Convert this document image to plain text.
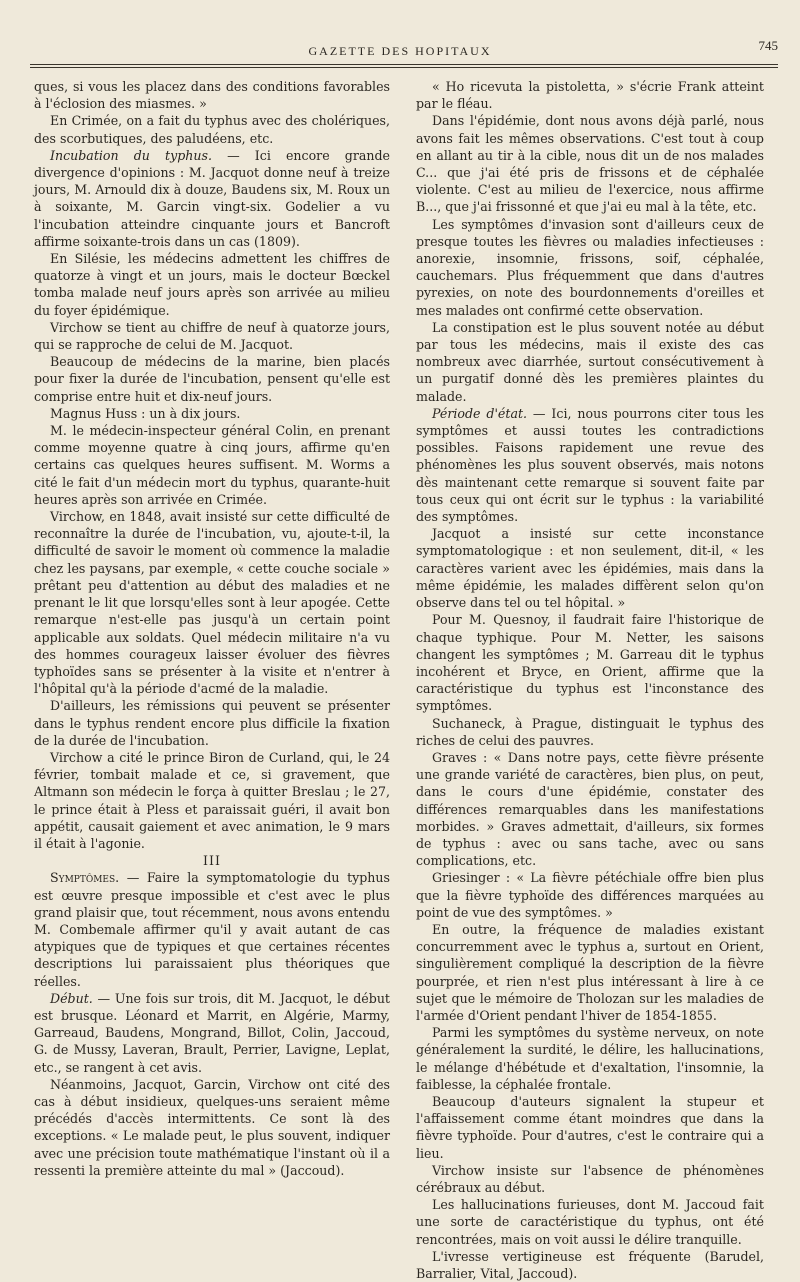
GAZETTE DES HOPITAUX	745

ques, si vous les placez dans des conditions favorables à l'éclosion des miasmes. »

En Crimée, on a fait du typhus avec des cholériques, des scorbutiques, des paludéens, etc.

Incubation du typhus. — Ici encore grande divergence d'opinions : M. Jacquot donne neuf à treize jours, M. Arnould dix à douze, Baudens six, M. Roux un à soixante, M. Garcin vingt-six. Godelier a vu l'incubation atteindre cinquante jours et Bancroft affirme soixante-trois dans un cas (1809).

En Silésie, les médecins admettent les chiffres de quatorze à vingt et un jours, mais le docteur Bœckel tomba malade neuf jours après son arrivée au milieu du foyer épidémique.

Virchow se tient au chiffre de neuf à quatorze jours, qui se rapproche de celui de M. Jacquot.

Beaucoup de médecins de la marine, bien placés pour fixer la durée de l'incubation, pensent qu'elle est comprise entre huit et dix-neuf jours.

Magnus Huss : un à dix jours.

M. le médecin-inspecteur général Colin, en prenant comme moyenne quatre à cinq jours, affirme qu'en certains cas quelques heures suffisent. M. Worms a cité le fait d'un médecin mort du typhus, quarante-huit heures après son arrivée en Crimée.

Virchow, en 1848, avait insisté sur cette difficulté de reconnaître la durée de l'incubation, vu, ajoute-t-il, la difficulté de savoir le moment où commence la maladie chez les paysans, par exemple, « cette couche sociale » prêtant peu d'attention au début des maladies et ne prenant le lit que lorsqu'elles sont à leur apogée. Cette remarque n'est-elle pas jusqu'à un certain point applicable aux soldats. Quel médecin militaire n'a vu des hommes courageux laisser évoluer des fièvres typhoïdes sans se présenter à la visite et n'entrer à l'hôpital qu'à la période d'acmé de la maladie.

D'ailleurs, les rémissions qui peuvent se présenter dans le typhus rendent encore plus difficile la fixation de la durée de l'incubation.

Virchow a cité le prince Biron de Curland, qui, le 24 février, tombait malade et ce, si gravement, que Altmann son médecin le força à quitter Breslau ; le 27, le prince était à Pless et paraissait guéri, il avait bon appétit, causait gaiement et avec animation, le 9 mars il était à l'agonie.

III

Symptômes. — Faire la symptomatologie du typhus est œuvre presque impossible et c'est avec le plus grand plaisir que, tout récemment, nous avons entendu M. Combemale affirmer qu'il y avait autant de cas atypiques que de typiques et que certaines récentes descriptions lui paraissaient plus théoriques que réelles.

Début. — Une fois sur trois, dit M. Jacquot, le début est brusque. Léonard et Marrit, en Algérie, Marmy, Garreaud, Baudens, Mongrand, Billot, Colin, Jaccoud, G. de Mussy, Laveran, Brault, Perrier, Lavigne, Leplat, etc., se rangent à cet avis.

Néanmoins, Jacquot, Garcin, Virchow ont cité des cas à début insidieux, quelques-uns seraient même précédés d'accès intermittents. Ce sont là des exceptions. « Le malade peut, le plus souvent, indiquer avec une précision toute mathématique l'instant où il a ressenti la première atteinte du mal » (Jaccoud).

« Ho ricevuta la pistoletta, » s'écrie Frank atteint par le fléau.

Dans l'épidémie, dont nous avons déjà parlé, nous avons fait les mêmes observations. C'est tout à coup en allant au tir à la cible, nous dit un de nos malades C... que j'ai été pris de frissons et de céphalée violente. C'est au milieu de l'exercice, nous affirme B..., que j'ai frissonné et que j'ai eu mal à la tête, etc.

Les symptômes d'invasion sont d'ailleurs ceux de presque toutes les fièvres ou maladies infectieuses : anorexie, insomnie, frissons, soif, céphalée, cauchemars. Plus fréquemment que dans d'autres pyrexies, on note des bourdonnements d'oreilles et mes malades ont confirmé cette observation.

La constipation est le plus souvent notée au début par tous les médecins, mais il existe des cas nombreux avec diarrhée, surtout consécutivement à un purgatif donné dès les premières plaintes du malade.

Période d'état. — Ici, nous pourrons citer tous les symptômes et aussi toutes les contradictions possibles. Faisons rapidement une revue des phénomènes les plus souvent observés, mais notons dès maintenant cette remarque si souvent faite par tous ceux qui ont écrit sur le typhus : la variabilité des symptômes.

Jacquot a insisté sur cette inconstance symptomatologique : et non seulement, dit-il, « les caractères varient avec les épidémies, mais dans la même épidémie, les malades diffèrent selon qu'on observe dans tel ou tel hôpital. »

Pour M. Quesnoy, il faudrait faire l'historique de chaque typhique. Pour M. Netter, les saisons changent les symptômes ; M. Garreau dit le typhus incohérent et Bryce, en Orient, affirme que la caractéristique du typhus est l'inconstance des symptômes.

Suchaneck, à Prague, distinguait le typhus des riches de celui des pauvres.

Graves : « Dans notre pays, cette fièvre présente une grande variété de caractères, bien plus, on peut, dans le cours d'une épidémie, constater des différences remarquables dans les manifestations morbides. » Graves admettait, d'ailleurs, six formes de typhus : avec ou sans tache, avec ou sans complications, etc.

Griesinger : « La fièvre pétéchiale offre bien plus que la fièvre typhoïde des différences marquées au point de vue des symptômes. »

En outre, la fréquence de maladies existant concurremment avec le typhus a, surtout en Orient, singulièrement compliqué la description de la fièvre pourprée, et rien n'est plus intéressant à lire à ce sujet que le mémoire de Tholozan sur les maladies de l'armée d'Orient pendant l'hiver de 1854-1855.

Parmi les symptômes du système nerveux, on note généralement la surdité, le délire, les hallucinations, le mélange d'hébétude et d'exaltation, l'insomnie, la faiblesse, la céphalée frontale.

Beaucoup d'auteurs signalent la stupeur et l'affaissement comme étant moindres que dans la fièvre typhoïde. Pour d'autres, c'est le contraire qui a lieu.

Virchow insiste sur l'absence de phénomènes cérébraux au début.

Les hallucinations furieuses, dont M. Jaccoud fait une sorte de caractéristique du typhus, ont été rencontrées, mais on voit aussi le délire tranquille.

L'ivresse vertigineuse est fréquente (Barudel, Barralier, Vital, Jaccoud).
